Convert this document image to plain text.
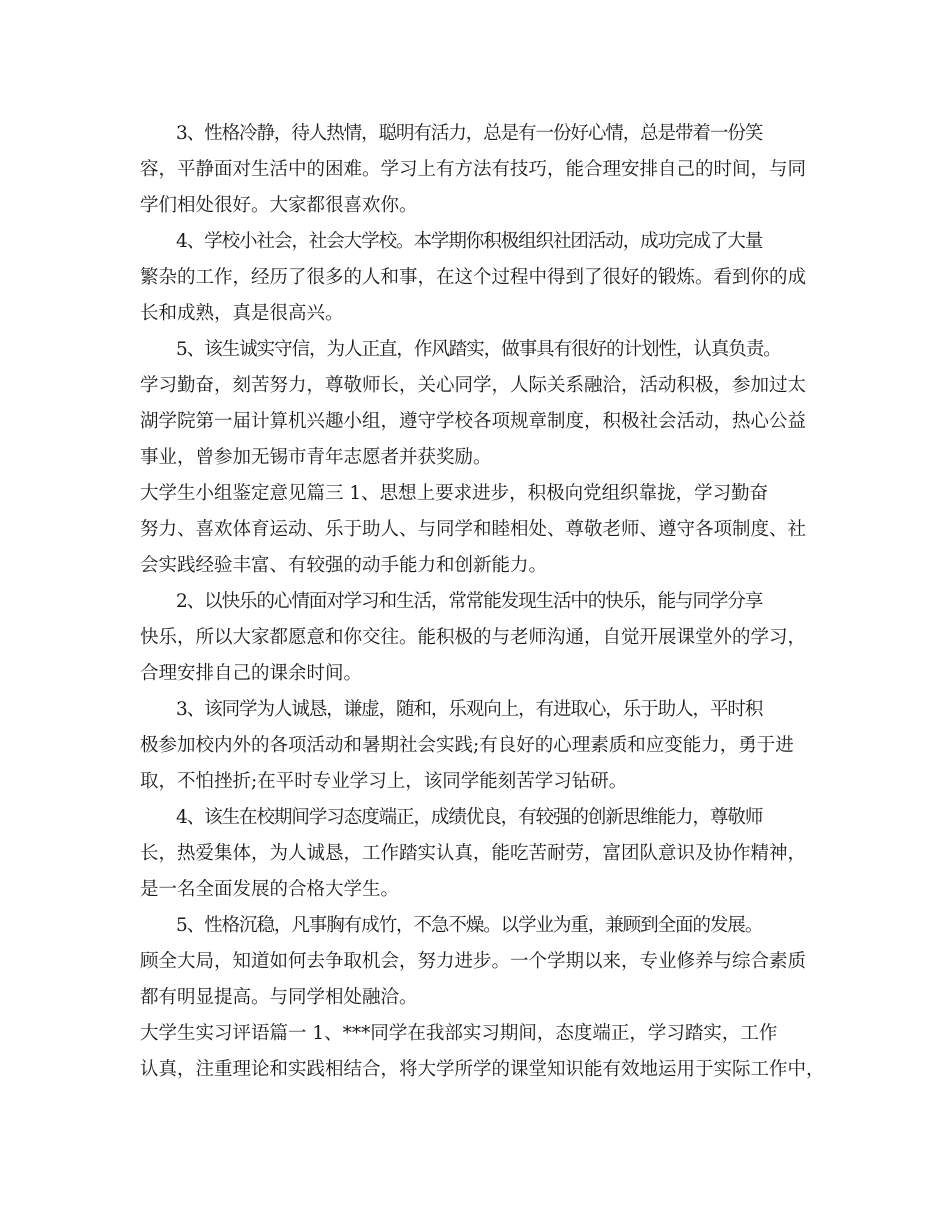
3、性格冷静，待人热情，聪明有活力，总是有一份好心情，总是带着一份笑
容，平静面对生活中的困难。学习上有方法有技巧，能合理安排自己的时间，与同
学们相处很好。大家都很喜欢你。
4、学校小社会，社会大学校。本学期你积极组织社团活动，成功完成了大量
繁杂的工作，经历了很多的人和事，在这个过程中得到了很好的锻炼。看到你的成
长和成熟，真是很高兴。
5、该生诚实守信，为人正直，作风踏实，做事具有很好的计划性，认真负责。
学习勤奋，刻苦努力，尊敬师长，关心同学，人际关系融洽，活动积极，参加过太
湖学院第一届计算机兴趣小组，遵守学校各项规章制度，积极社会活动，热心公益
事业，曾参加无锡市青年志愿者并获奖励。
大学生小组鉴定意见篇三 1、思想上要求进步，积极向党组织靠拢，学习勤奋
努力、喜欢体育运动、乐于助人、与同学和睦相处、尊敬老师、遵守各项制度、社
会实践经验丰富、有较强的动手能力和创新能力。
2、以快乐的心情面对学习和生活，常常能发现生活中的快乐，能与同学分享
快乐，所以大家都愿意和你交往。能积极的与老师沟通，自觉开展课堂外的学习，
合理安排自己的课余时间。
3、该同学为人诚恳，谦虚，随和，乐观向上，有进取心，乐于助人，平时积
极参加校内外的各项活动和暑期社会实践;有良好的心理素质和应变能力，勇于进
取，不怕挫折;在平时专业学习上，该同学能刻苦学习钻研。
4、该生在校期间学习态度端正，成绩优良，有较强的创新思维能力，尊敬师
长，热爱集体，为人诚恳，工作踏实认真，能吃苦耐劳，富团队意识及协作精神，
是一名全面发展的合格大学生。
5、性格沉稳，凡事胸有成竹，不急不燥。以学业为重，兼顾到全面的发展。
顾全大局，知道如何去争取机会，努力进步。一个学期以来，专业修养与综合素质
都有明显提高。与同学相处融洽。
大学生实习评语篇一 1、***同学在我部实习期间，态度端正，学习踏实，工作
认真，注重理论和实践相结合，将大学所学的课堂知识能有效地运用于实际工作中，
